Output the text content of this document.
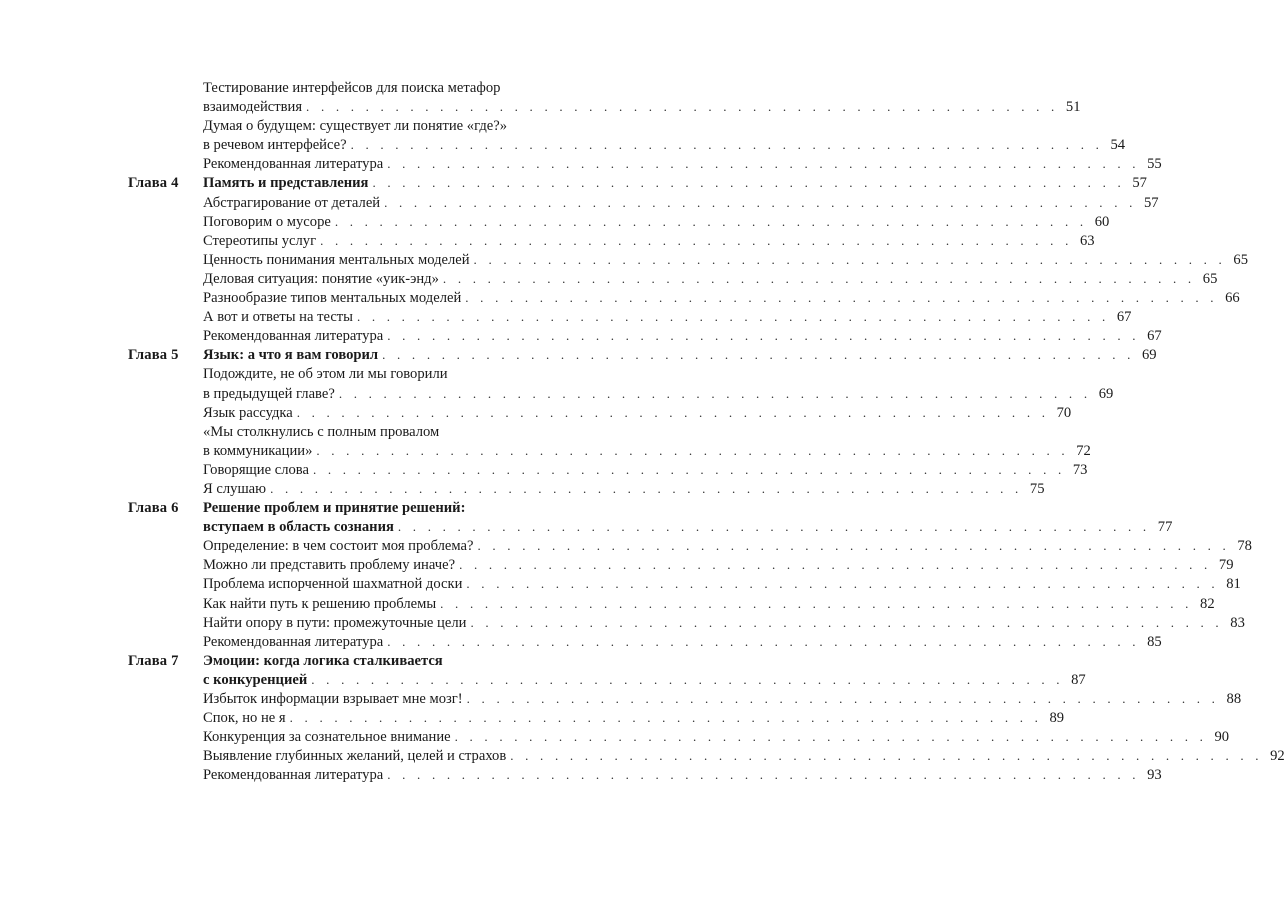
Тестирование интерфейсов для поиска метафор
взаимодействия . . . . . . . . . . . . . . . . . . . . . . . . . . . . . . . . . . . . . . . . . . . . . . . . . . . 51
Думая о будущем: существует ли понятие «где?»
в речевом интерфейсе? . . . . . . . . . . . . . . . . . . . . . . . . . . . . . . . . . . . . . . . . . . . . . . . . . . . 54
Рекомендованная литература . . . . . . . . . . . . . . . . . . . . . . . . . . . . . . . . . . . . . . . . . . . . . . . . . . . 55
Глава 4 Память и представления . . . . . . . . . . . . . . . . . . . . . . . . . . . . . . . . . . . . . . . . . . . . . . . . . . . 57
Абстрагирование от деталей . . . . . . . . . . . . . . . . . . . . . . . . . . . . . . . . . . . . . . . . . . . . . . . . . . . 57
Поговорим о мусоре . . . . . . . . . . . . . . . . . . . . . . . . . . . . . . . . . . . . . . . . . . . . . . . . . . . 60
Стереотипы услуг . . . . . . . . . . . . . . . . . . . . . . . . . . . . . . . . . . . . . . . . . . . . . . . . . . . 63
Ценность понимания ментальных моделей . . . . . . . . . . . . . . . . . . . . . . . . . . . . . . . . . . . . . . . . . . . . . . . . . . . 65
Деловая ситуация: понятие «уик-энд» . . . . . . . . . . . . . . . . . . . . . . . . . . . . . . . . . . . . . . . . . . . . . . . . . . . 65
Разнообразие типов ментальных моделей . . . . . . . . . . . . . . . . . . . . . . . . . . . . . . . . . . . . . . . . . . . . . . . . . . . 66
А вот и ответы на тесты . . . . . . . . . . . . . . . . . . . . . . . . . . . . . . . . . . . . . . . . . . . . . . . . . . . 67
Рекомендованная литература . . . . . . . . . . . . . . . . . . . . . . . . . . . . . . . . . . . . . . . . . . . . . . . . . . . 67
Глава 5 Язык: а что я вам говорил . . . . . . . . . . . . . . . . . . . . . . . . . . . . . . . . . . . . . . . . . . . . . . . . . . . 69
Подождите, не об этом ли мы говорили
в предыдущей главе? . . . . . . . . . . . . . . . . . . . . . . . . . . . . . . . . . . . . . . . . . . . . . . . . . . . 69
Язык рассудка . . . . . . . . . . . . . . . . . . . . . . . . . . . . . . . . . . . . . . . . . . . . . . . . . . . 70
«Мы столкнулись с полным провалом
в коммуникации» . . . . . . . . . . . . . . . . . . . . . . . . . . . . . . . . . . . . . . . . . . . . . . . . . . . 72
Говорящие слова . . . . . . . . . . . . . . . . . . . . . . . . . . . . . . . . . . . . . . . . . . . . . . . . . . . 73
Я слушаю . . . . . . . . . . . . . . . . . . . . . . . . . . . . . . . . . . . . . . . . . . . . . . . . . . . 75
Глава 6 Решение проблем и принятие решений:
вступаем в область сознания . . . . . . . . . . . . . . . . . . . . . . . . . . . . . . . . . . . . . . . . . . . . . . . . . . . 77
Определение: в чем состоит моя проблема? . . . . . . . . . . . . . . . . . . . . . . . . . . . . . . . . . . . . . . . . . . . . . . . . . . . 78
Можно ли представить проблему иначе? . . . . . . . . . . . . . . . . . . . . . . . . . . . . . . . . . . . . . . . . . . . . . . . . . . . 79
Проблема испорченной шахматной доски . . . . . . . . . . . . . . . . . . . . . . . . . . . . . . . . . . . . . . . . . . . . . . . . . . . 81
Как найти путь к решению проблемы . . . . . . . . . . . . . . . . . . . . . . . . . . . . . . . . . . . . . . . . . . . . . . . . . . . 82
Найти опору в пути: промежуточные цели . . . . . . . . . . . . . . . . . . . . . . . . . . . . . . . . . . . . . . . . . . . . . . . . . . . 83
Рекомендованная литература . . . . . . . . . . . . . . . . . . . . . . . . . . . . . . . . . . . . . . . . . . . . . . . . . . . 85
Глава 7 Эмоции: когда логика сталкивается
с конкуренцией . . . . . . . . . . . . . . . . . . . . . . . . . . . . . . . . . . . . . . . . . . . . . . . . . . . 87
Избыток информации взрывает мне мозг! . . . . . . . . . . . . . . . . . . . . . . . . . . . . . . . . . . . . . . . . . . . . . . . . . . . 88
Спок, но не я . . . . . . . . . . . . . . . . . . . . . . . . . . . . . . . . . . . . . . . . . . . . . . . . . . . 89
Конкуренция за сознательное внимание . . . . . . . . . . . . . . . . . . . . . . . . . . . . . . . . . . . . . . . . . . . . . . . . . . . 90
Выявление глубинных желаний, целей и страхов . . . . . . . . . . . . . . . . . . . . . . . . . . . . . . . . . . . . . . . . . . . . . . . . . . . 92
Рекомендованная литература . . . . . . . . . . . . . . . . . . . . . . . . . . . . . . . . . . . . . . . . . . . . . . . . . . . 93
